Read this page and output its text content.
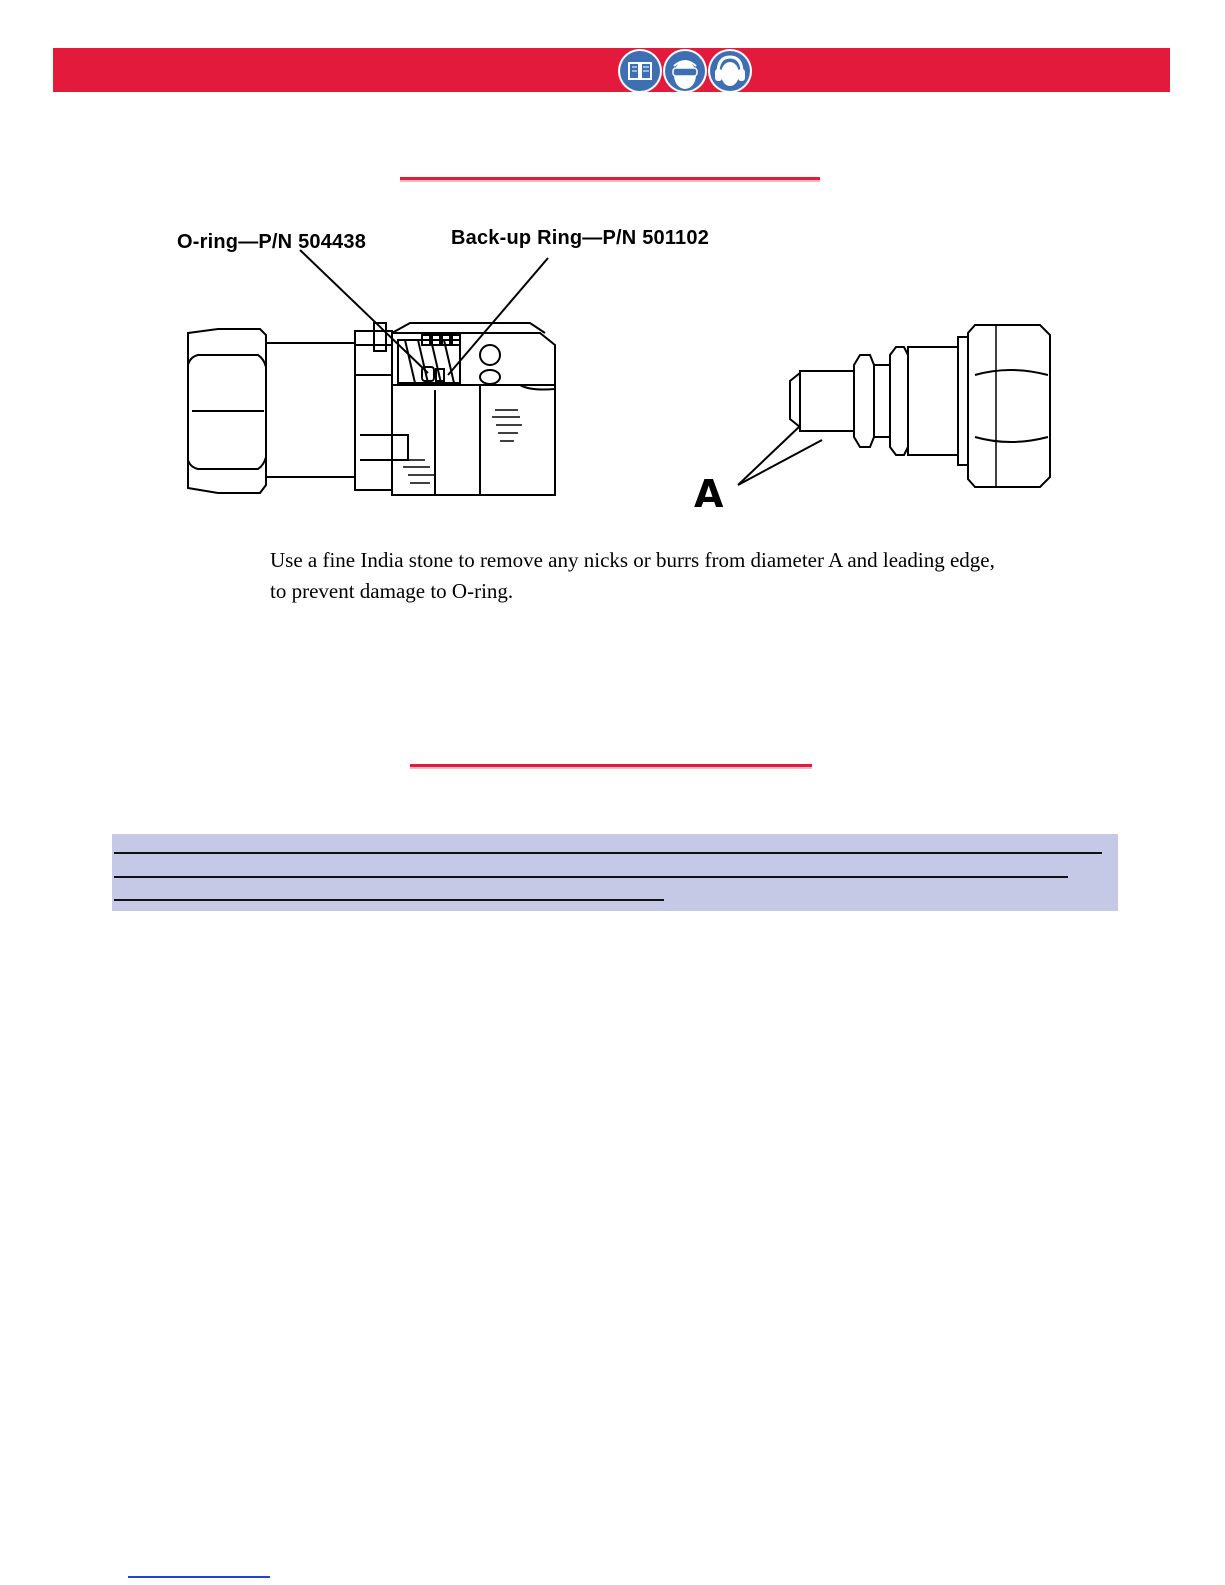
O-ring—P/N 504438	Back-up Ring—P/N 501102
A

Use a fine India stone to remove any nicks or burrs from diameter A and leading edge, to prevent damage to O-ring.
